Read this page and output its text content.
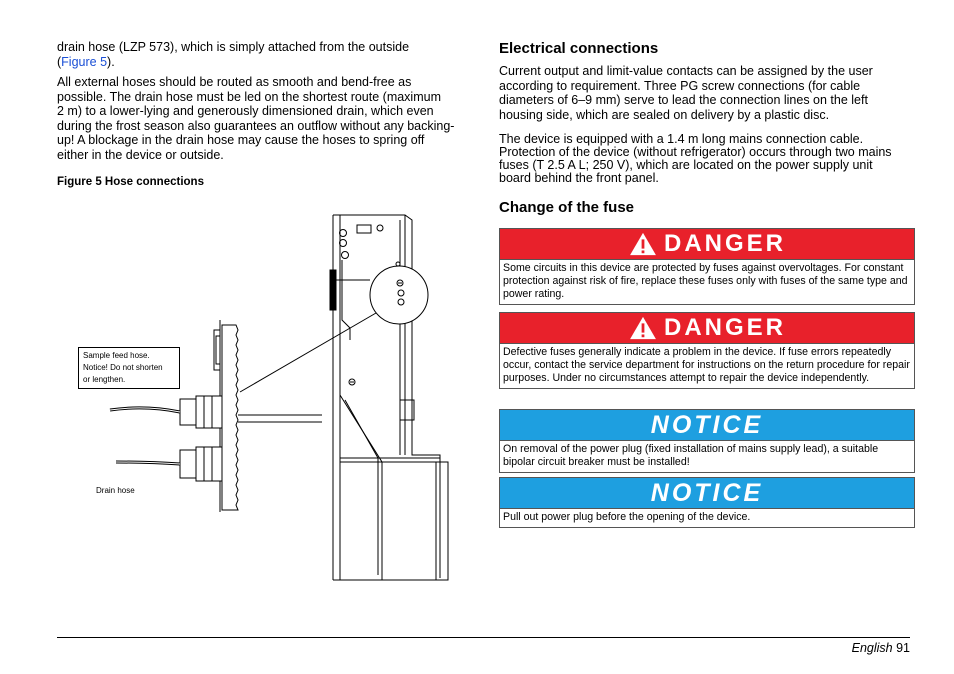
drain hose (LZP 573), which is simply attached from the outside
(Figure 5).

All external hoses should be routed as smooth and bend-free as
possible. The drain hose must be led on the shortest route (maximum
2 m) to a lower-lying and generously dimensioned drain, which even
during the frost season also guarantees an outflow without any backing-
up! A blockage in the drain hose may cause the hoses to spring off
either in the device or outside.

Figure 5 Hose connections

Sample feed hose.
Notice! Do not shorten
or lengthen.
Drain hose
Electrical connections

Current output and limit-value contacts can be assigned by the user
according to requirement. Three PG screw connections (for cable
diameters of 6–9 mm) serve to lead the connection lines on the left
housing side, which are sealed on delivery by a plastic disc.

The device is equipped with a 1.4 m long mains connection cable.
Protection of the device (without refrigerator) occurs through two mains
fuses (T 2.5 A L; 250 V), which are located on the power supply unit
board behind the front panel.

Change of the fuse
DANGER
Some circuits in this device are protected by fuses against overvoltages. For constant protection against risk of fire, replace these fuses only with fuses of the same type and power rating.
DANGER
Defective fuses generally indicate a problem in the device. If fuse errors repeatedly occur, contact the service department for instructions on the return procedure for repair purposes. Under no circumstances attempt to repair the device independently.
NOTICE
On removal of the power plug (fixed installation of mains supply lead), a suitable bipolar circuit breaker must be installed!
NOTICE
Pull out power plug before the opening of the device.
English 91
